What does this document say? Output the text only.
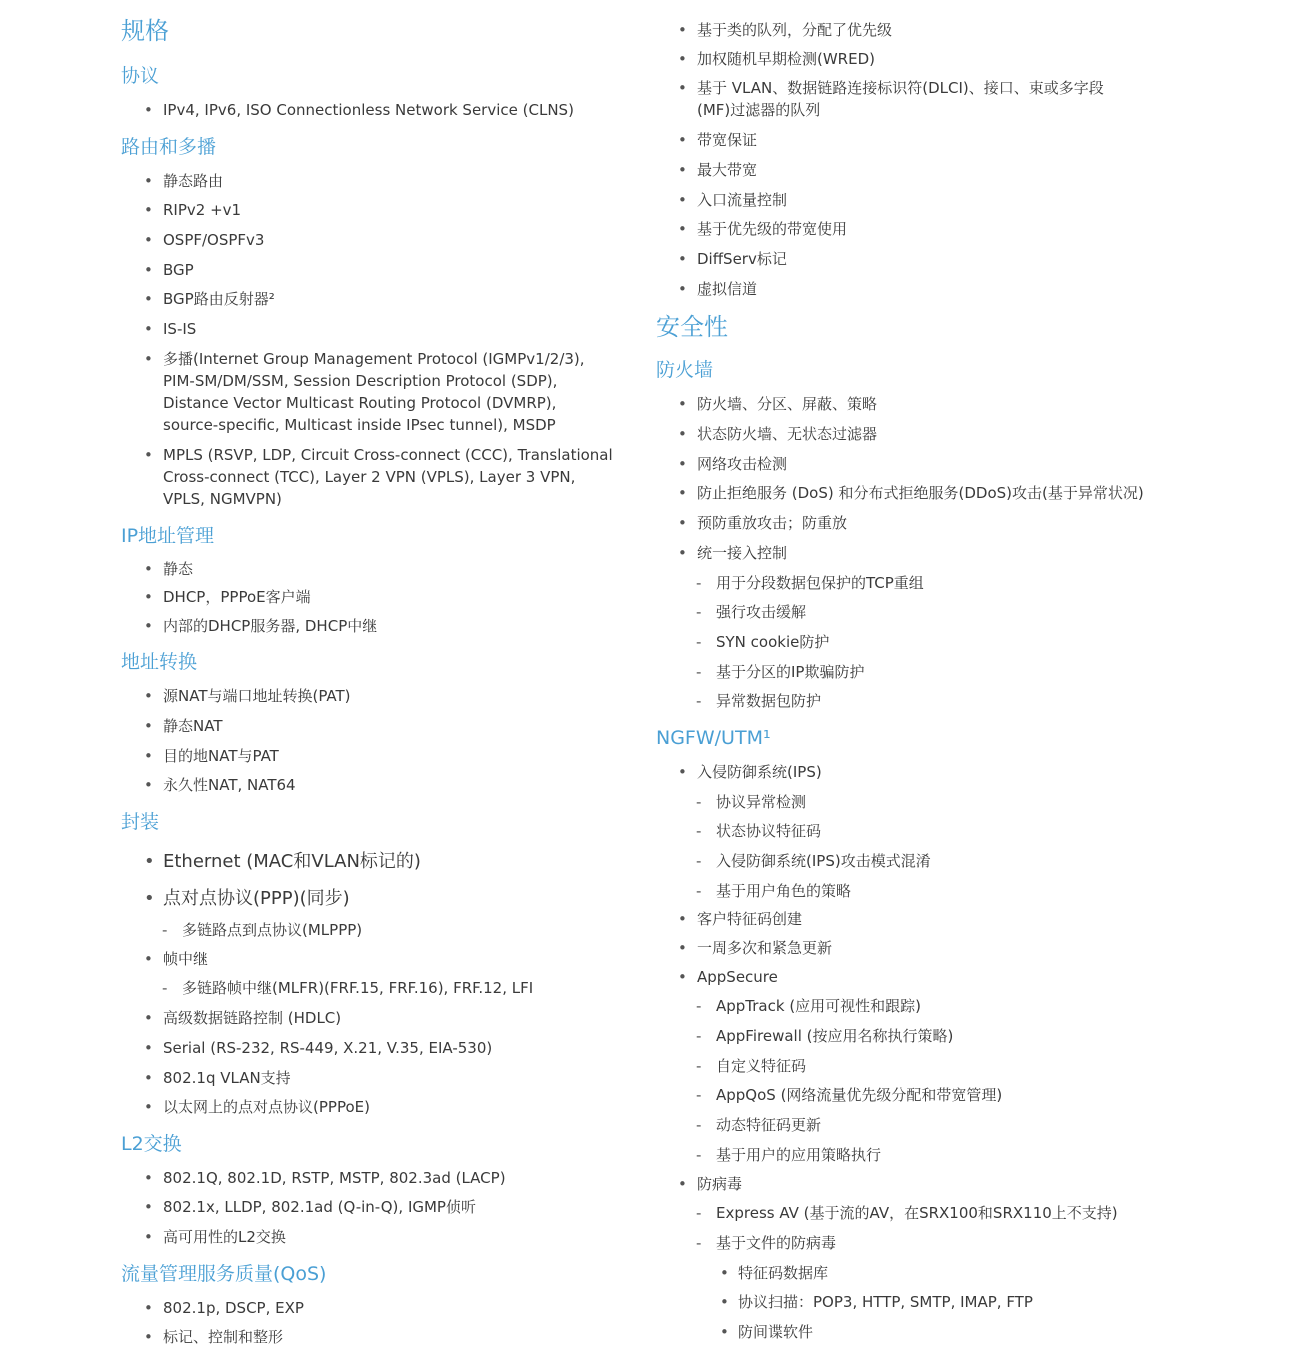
规格
协议
• IPv4, IPv6, ISO Connectionless Network Service (CLNS)
路由和多播
• 静态路由
• RIPv2 +v1
• OSPF/OSPFv3
• BGP
• BGP路由反射器²
• IS-IS
• 多播(Internet Group Management Protocol (IGMPv1/2/3),
PIM-SM/DM/SSM, Session Description Protocol (SDP),
Distance Vector Multicast Routing Protocol (DVMRP),
source-specific, Multicast inside IPsec tunnel), MSDP
• MPLS (RSVP, LDP, Circuit Cross-connect (CCC), Translational
Cross-connect (TCC), Layer 2 VPN (VPLS), Layer 3 VPN,
VPLS, NGMVPN)
IP地址管理
• 静态
• DHCP，PPPoE客户端
• 内部的DHCP服务器, DHCP中继
地址转换
• 源NAT与端口地址转换(PAT)
• 静态NAT
• 目的地NAT与PAT
• 永久性NAT, NAT64
封装
• Ethernet (MAC和VLAN标记的)
• 点对点协议(PPP)(同步)
- 多链路点到点协议(MLPPP)
• 帧中继
- 多链路帧中继(MLFR)(FRF.15, FRF.16), FRF.12, LFI
• 高级数据链路控制 (HDLC)
• Serial (RS-232, RS-449, X.21, V.35, EIA-530)
• 802.1q VLAN支持
• 以太网上的点对点协议(PPPoE)
L2交换
• 802.1Q, 802.1D, RSTP, MSTP, 802.3ad (LACP)
• 802.1x, LLDP, 802.1ad (Q-in-Q), IGMP侦听
• 高可用性的L2交换
流量管理服务质量(QoS)
• 802.1p, DSCP, EXP
• 标记、控制和整形
• 基于类的队列，分配了优先级
• 加权随机早期检测(WRED)
• 基于 VLAN、数据链路连接标识符(DLCI)、接口、束或多字段
(MF)过滤器的队列
• 带宽保证
• 最大带宽
• 入口流量控制
• 基于优先级的带宽使用
• DiffServ标记
• 虚拟信道
安全性
防火墙
• 防火墙、分区、屏蔽、策略
• 状态防火墙、无状态过滤器
• 网络攻击检测
• 防止拒绝服务 (DoS) 和分布式拒绝服务(DDoS)攻击(基于异常状况)
• 预防重放攻击；防重放
• 统一接入控制
- 用于分段数据包保护的TCP重组
- 强行攻击缓解
- SYN cookie防护
- 基于分区的IP欺骗防护
- 异常数据包防护
NGFW/UTM¹
• 入侵防御系统(IPS)
- 协议异常检测
- 状态协议特征码
- 入侵防御系统(IPS)攻击模式混淆
- 基于用户角色的策略
• 客户特征码创建
• 一周多次和紧急更新
• AppSecure
- AppTrack (应用可视性和跟踪)
- AppFirewall (按应用名称执行策略)
- 自定义特征码
- AppQoS (网络流量优先级分配和带宽管理)
- 动态特征码更新
- 基于用户的应用策略执行
• 防病毒
- Express AV (基于流的AV，在SRX100和SRX110上不支持)
- 基于文件的防病毒
• 特征码数据库
• 协议扫描：POP3, HTTP, SMTP, IMAP, FTP
• 防间谍软件
